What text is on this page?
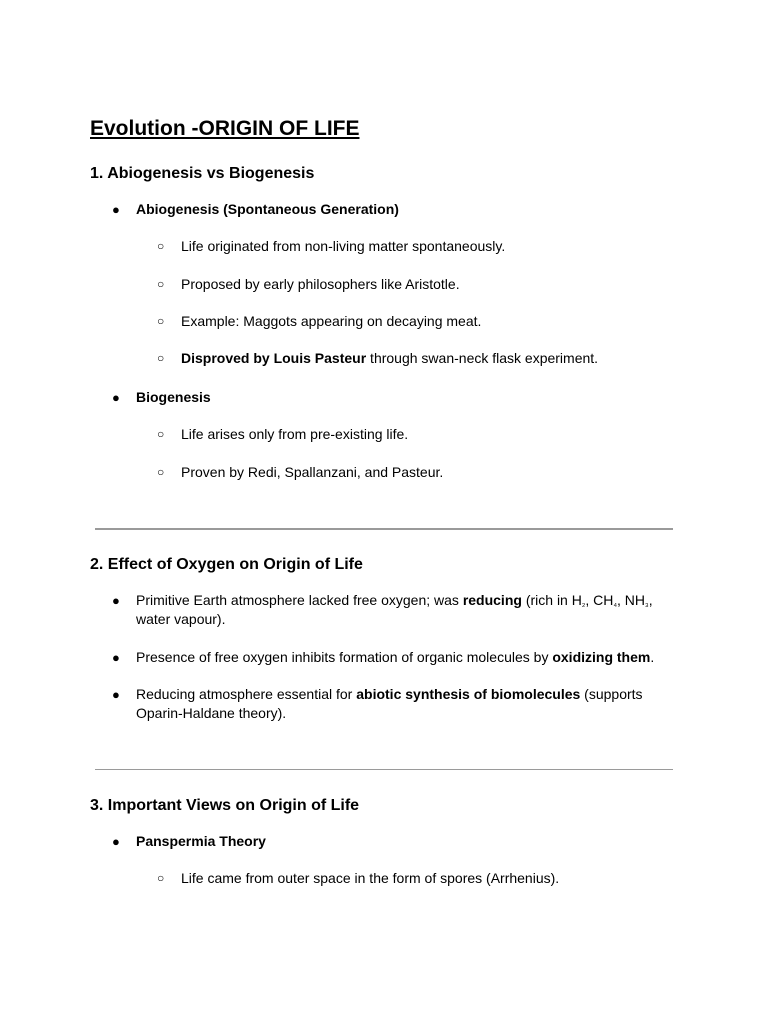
Evolution -ORIGIN OF LIFE
1. Abiogenesis vs Biogenesis
● Abiogenesis (Spontaneous Generation)

○ Life originated from non-living matter spontaneously.

○ Proposed by early philosophers like Aristotle.

○ Example: Maggots appearing on decaying meat.

○ Disproved by Louis Pasteur through swan-neck flask experiment.

● Biogenesis

○ Life arises only from pre-existing life.

○ Proven by Redi, Spallanzani, and Pasteur.

2. Effect of Oxygen on Origin of Life
● Primitive Earth atmosphere lacked free oxygen; was reducing (rich in $H_{_2}$, $CH_{_4}$, $NH_{_3}$, water vapour).

● Presence of free oxygen inhibits formation of organic molecules by oxidizing them.

● Reducing atmosphere essential for abiotic synthesis of biomolecules (supports Oparin-Haldane theory).

3. Important Views on Origin of Life
● Panspermia Theory

○ Life came from outer space in the form of spores (Arrhenius).
